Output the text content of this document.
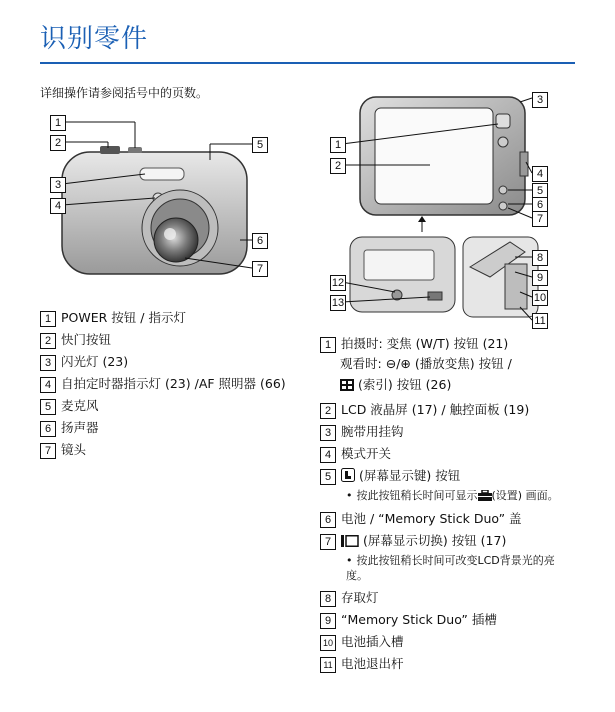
识别零件
详细操作请参阅括号中的页数。
1
2
3
4
5
6
7
1 POWER 按钮 / 指示灯
2 快门按钮
3 闪光灯 (23)
4 自拍定时器指示灯 (23) /AF 照明器 (66)
5 麦克风
6 扬声器
7 镜头
1
2
3
4
5
6
7
8
9
10
11
12
13
1 拍摄时: 变焦 (W/T) 按钮 (21)
观看时: ⊖/⊕ (播放变焦) 按钮 /
(索引) 按钮 (26)
2 LCD 液晶屏 (17) / 触控面板 (19)
3 腕带用挂钩
4 模式开关
5	(屏幕显示键) 按钮
• 按此按钮稍长时间可显示 (设置) 画面。
6 电池 / “Memory Stick Duo” 盖
7	(屏幕显示切换) 按钮 (17)
• 按此按钮稍长时间可改变LCD背景光的亮度。
8 存取灯
9 “Memory Stick Duo” 插槽
10 电池插入槽
11 电池退出杆
